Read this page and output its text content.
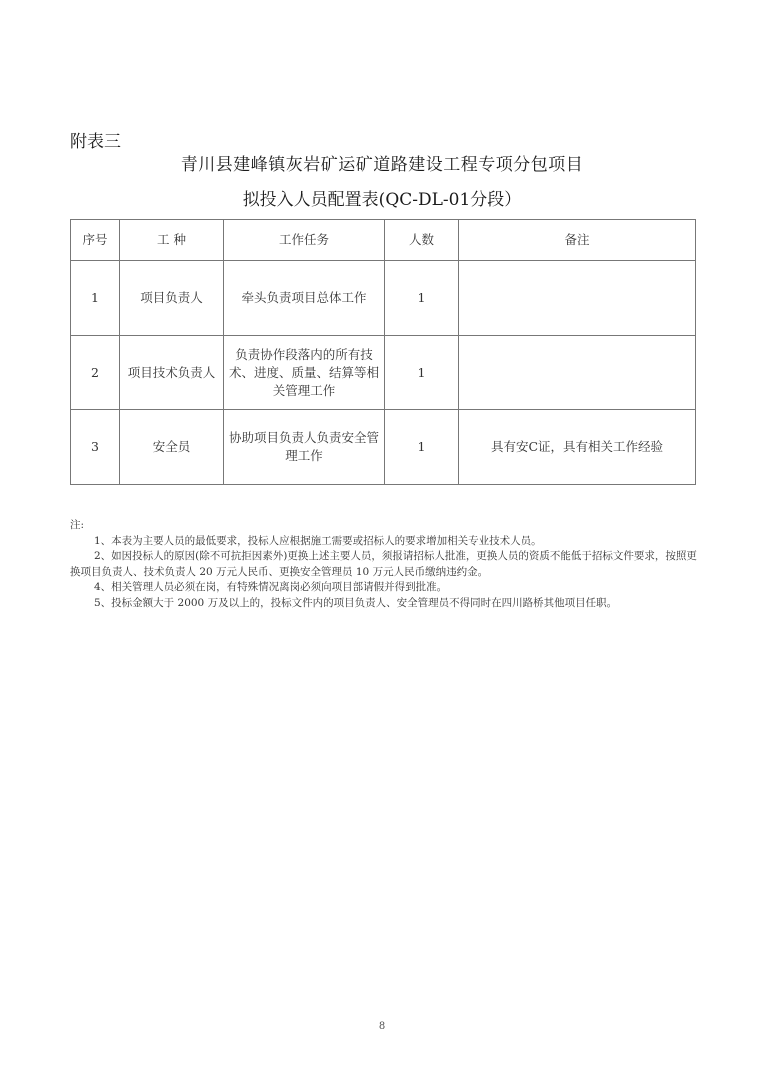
附表三
青川县建峰镇灰岩矿运矿道路建设工程专项分包项目
拟投入人员配置表(QC-DL-01分段）
序号	工 种	工作任务	人数	备注
1	项目负责人	牵头负责项目总体工作	1	
2	项目技术负责人	负责协作段落内的所有技术、进度、质量、结算等相关管理工作	1	
3	安全员	协助项目负责人负责安全管理工作	1	具有安C证，具有相关工作经验

注:

1、本表为主要人员的最低要求，投标人应根据施工需要或招标人的要求增加相关专业技术人员。

2、如因投标人的原因(除不可抗拒因素外)更换上述主要人员，须报请招标人批准，更换人员的资质不能低于招标文件要求，按照更换项目负责人、技术负责人 20 万元人民币、更换安全管理员 10 万元人民币缴纳违约金。

4、相关管理人员必须在岗，有特殊情况离岗必须向项目部请假并得到批准。

5、投标金额大于 2000 万及以上的，投标文件内的项目负责人、安全管理员不得同时在四川路桥其他项目任职。

8
